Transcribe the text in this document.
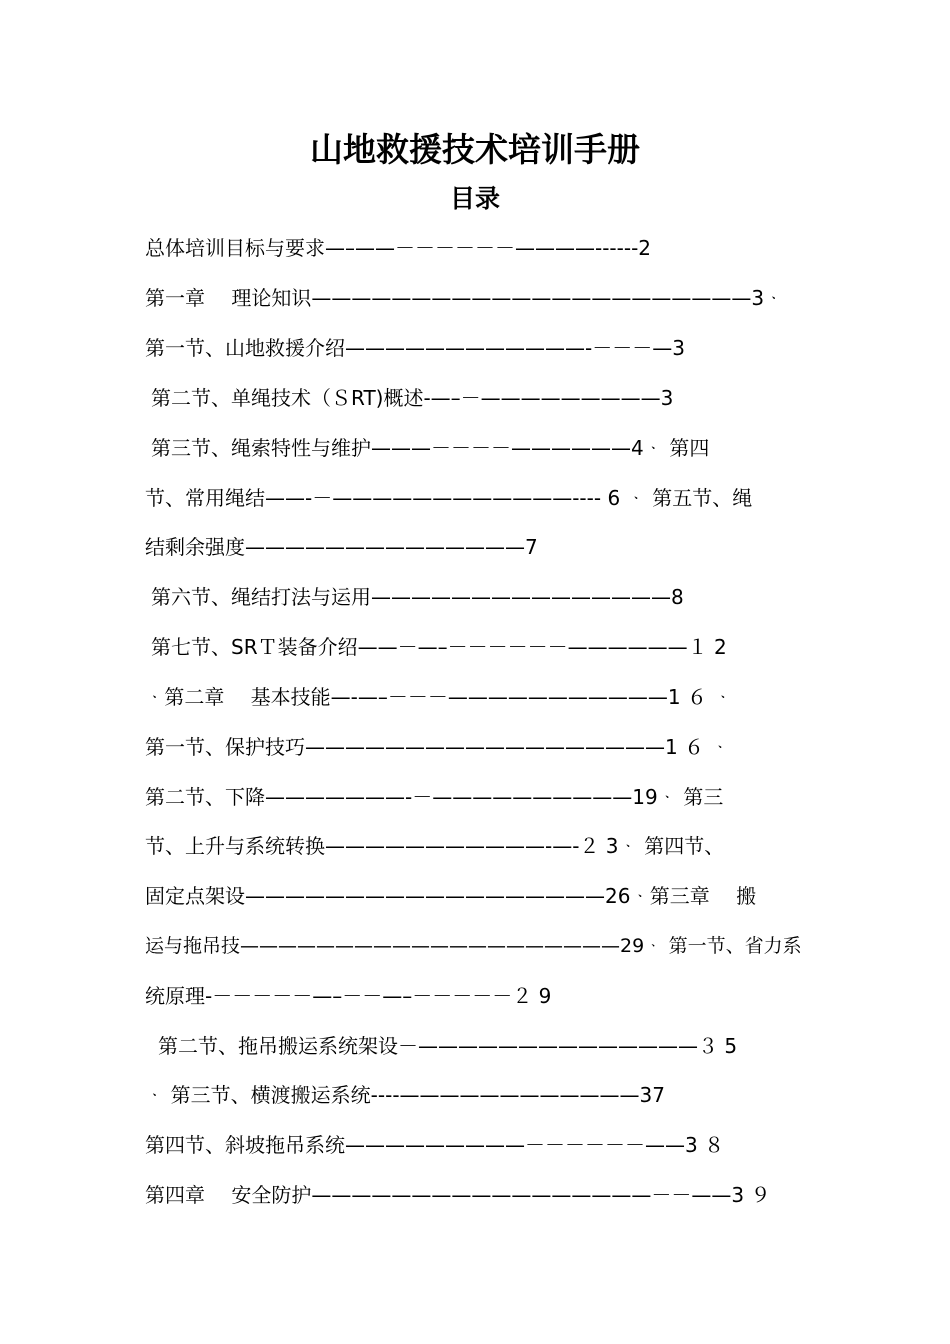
山地救援技术培训手册
目录
总体培训目标与要求—–——－－－－－－————------2
第一章　 理论知识——————————————————————3ᆞ
第一节、山地救援介绍————————————-－－－—3
第二节、单绳技术（ＳRT)概述-—–－—————————3
第三节、绳索特性与维护———－－－－——————4ᆞ 第四
节、常用绳结——-－————————————---- 6 ᆞ 第五节、绳
结剩余强度——————————————7
第六节、绳结打法与运用———————————————8
第七节、SRＴ装备介绍——－—–－－－－－－——————１ 2
ᆞ第二章　 基本技能—-—–－－－———————————1 ６ ᆞ
第一节、保护技巧——————————————————1 ６ ᆞ
第二节、下降———————-－——————————19ᆞ 第三
节、上升与系统转换———————————-—-２ 3ᆞ 第四节、
固定点架设——————————————————26ᆞ第三章　 搬
运与拖吊技————————————————————29ᆞ 第一节、省力系
统原理-－－－－－—–－－—–－－－－－２ 9
第二节、拖吊搬运系统架设－——————————————３ 5
ᆞ 第三节、横渡搬运系统----————————————37
第四节、斜坡拖吊系统—————————－－－－－－——3 ８
第四章　 安全防护—————————————————－－——3 ９
